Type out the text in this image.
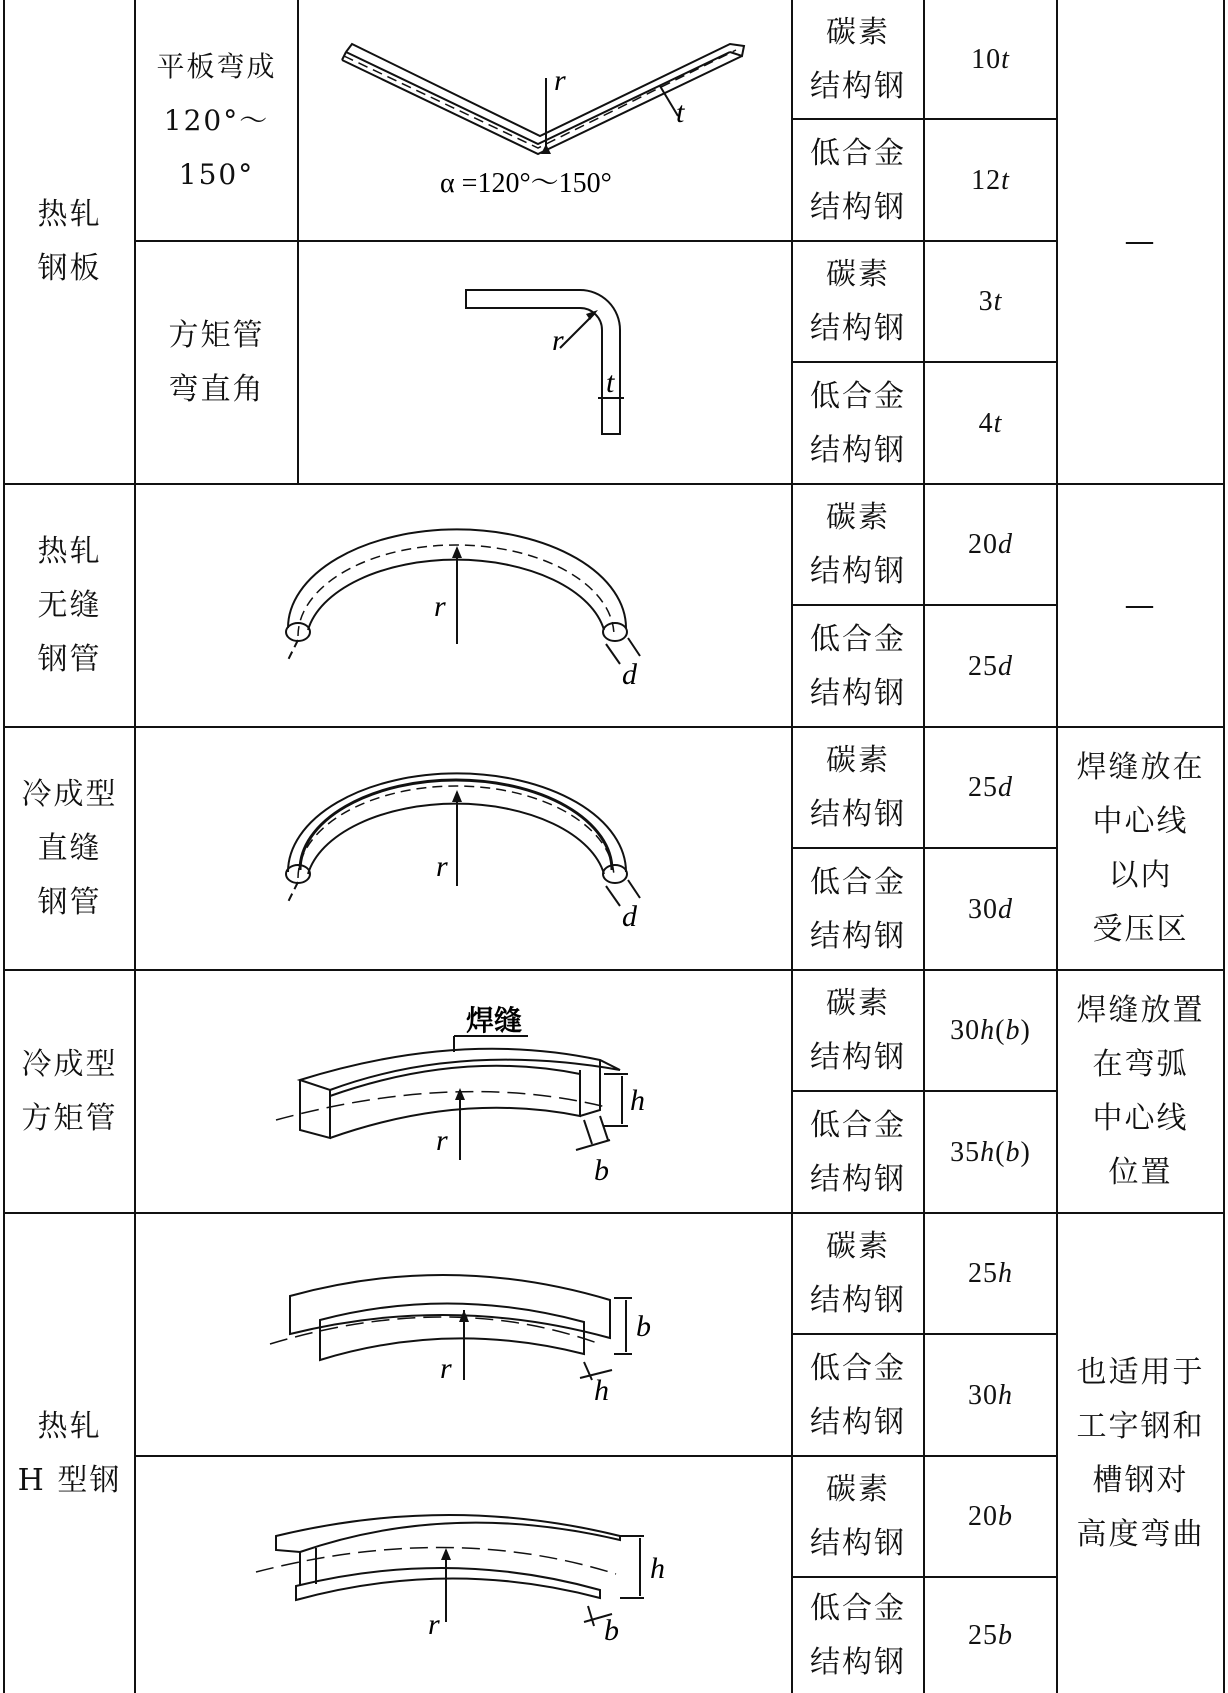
热轧
钢板
平板弯成
120°～150°
方矩管
弯直角
r
t
α =120°～150°
r
t
碳素
结构钢
低合金
结构钢
碳素
结构钢
低合金
结构钢
10t
12t
3t
4t
—
热轧
无缝
钢管
r
d
碳素
结构钢
低合金
结构钢
20d
25d
—
冷成型
直缝
钢管
r
d
碳素
结构钢
低合金
结构钢
25d
30d
焊缝放在
中心线
以内
受压区
冷成型
方矩管
焊缝
r
h
b
碳素
结构钢
低合金
结构钢
30h(b)
35h(b)
焊缝放置
在弯弧
中心线
位置
热轧
H 型钢
r
b
h
r
h
b
碳素
结构钢
低合金
结构钢
碳素
结构钢
低合金
结构钢
25h
30h
20b
25b
也适用于
工字钢和
槽钢对
高度弯曲
